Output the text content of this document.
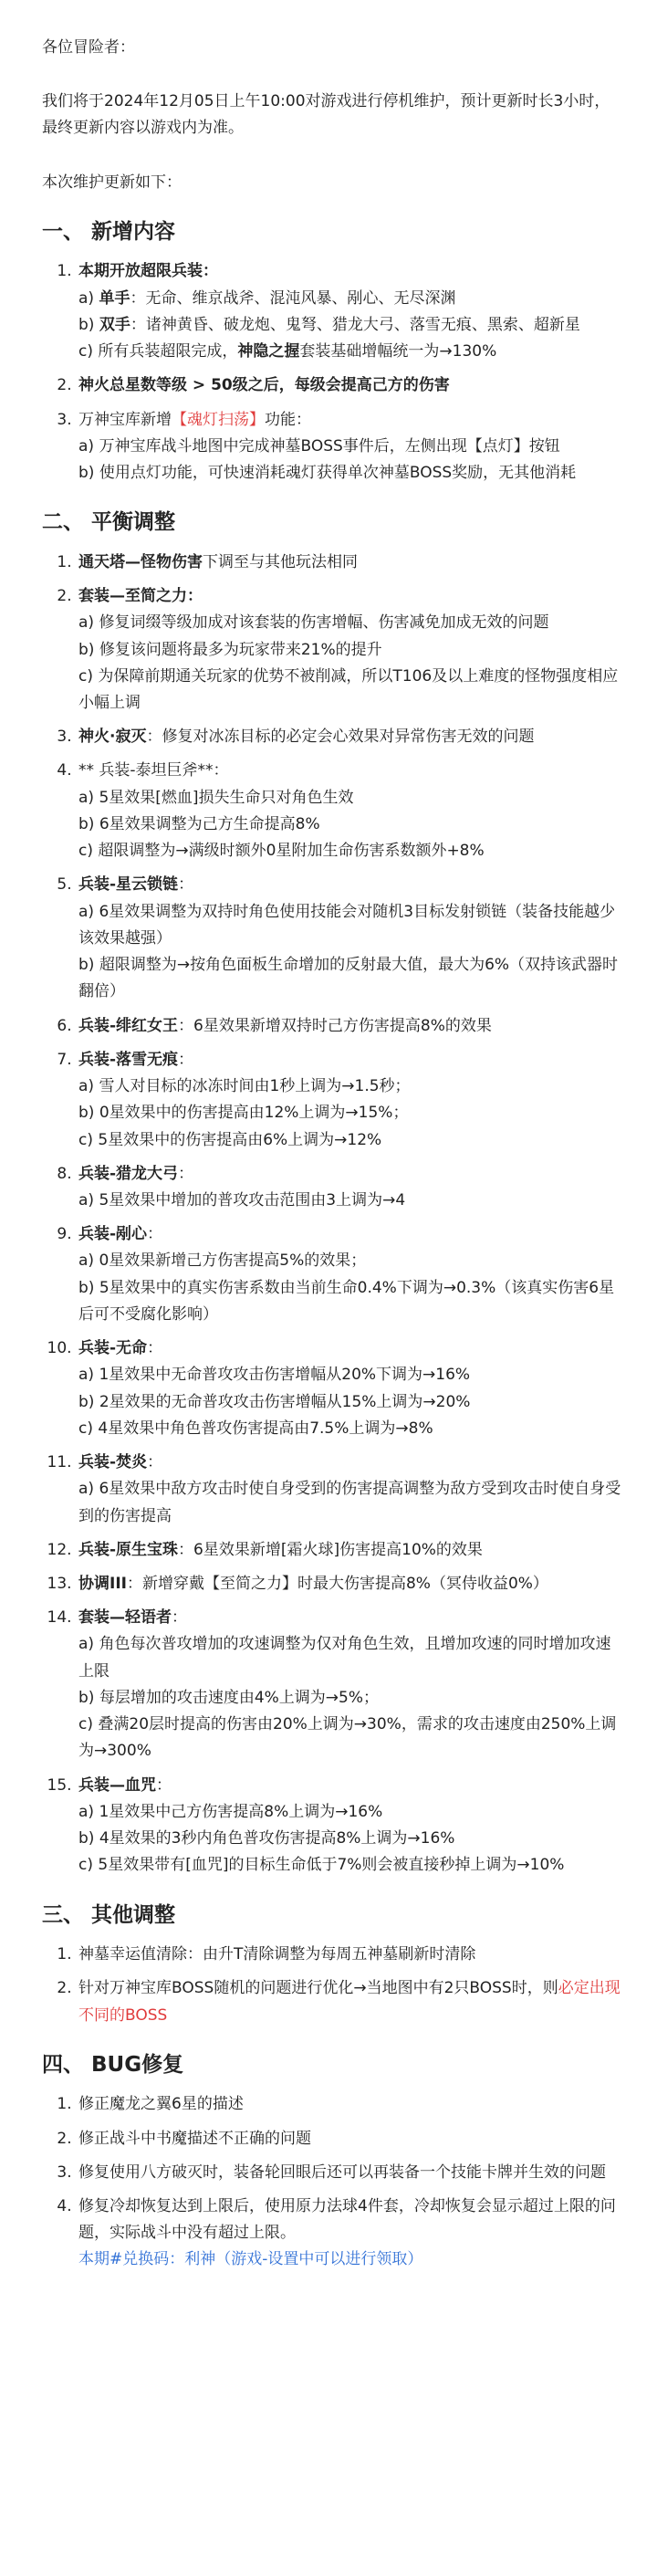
各位冒险者：

我们将于2024年12月05日上午10:00对游戏进行停机维护，预计更新时长3小时，最终更新内容以游戏内为准。

本次维护更新如下：

一、 新增内容
1. 本期开放超限兵装：
a) 单手：无命、维京战斧、混沌风暴、剐心、无尽深渊
b) 双手：诸神黄昏、破龙炮、鬼弩、猎龙大弓、落雪无痕、黑索、超新星
c) 所有兵装超限完成，神隐之握套装基础增幅统一为→130%
2. 神火总星数等级 > 50级之后，每级会提高己方的伤害
3. 万神宝库新增【魂灯扫荡】功能：
a) 万神宝库战斗地图中完成神墓BOSS事件后，左侧出现【点灯】按钮
b) 使用点灯功能，可快速消耗魂灯获得单次神墓BOSS奖励，无其他消耗
二、 平衡调整
1. 通天塔—怪物伤害下调至与其他玩法相同
2. 套装—至简之力：
a) 修复词缀等级加成对该套装的伤害增幅、伤害减免加成无效的问题
b) 修复该问题将最多为玩家带来21%的提升
c) 为保障前期通关玩家的优势不被削减，所以T106及以上难度的怪物强度相应小幅上调
3. 神火·寂灭：修复对冰冻目标的必定会心效果对异常伤害无效的问题
4. ** 兵装-泰坦巨斧**：
a) 5星效果[燃血]损失生命只对角色生效
b) 6星效果调整为己方生命提高8%
c) 超限调整为→满级时额外0星附加生命伤害系数额外+8%
5. 兵装-星云锁链：
a) 6星效果调整为双持时角色使用技能会对随机3目标发射锁链（装备技能越少该效果越强）
b) 超限调整为→按角色面板生命增加的反射最大值，最大为6%（双持该武器时翻倍）
6. 兵装-绯红女王：6星效果新增双持时己方伤害提高8%的效果
7. 兵装-落雪无痕：
a) 雪人对目标的冰冻时间由1秒上调为→1.5秒；
b) 0星效果中的伤害提高由12%上调为→15%；
c) 5星效果中的伤害提高由6%上调为→12%
8. 兵装-猎龙大弓：
a) 5星效果中增加的普攻攻击范围由3上调为→4
9. 兵装-剐心：
a) 0星效果新增己方伤害提高5%的效果；
b) 5星效果中的真实伤害系数由当前生命0.4%下调为→0.3%（该真实伤害6星后可不受腐化影响）
10. 兵装-无命：
a) 1星效果中无命普攻攻击伤害增幅从20%下调为→16%
b) 2星效果的无命普攻攻击伤害增幅从15%上调为→20%
c) 4星效果中角色普攻伤害提高由7.5%上调为→8%
11. 兵装-焚炎：
a) 6星效果中敌方攻击时使自身受到的伤害提高调整为敌方受到攻击时使自身受到的伤害提高
12. 兵装-原生宝珠：6星效果新增[霜火球]伤害提高10%的效果
13. 协调III：新增穿戴【至简之力】时最大伤害提高8%（冥侍收益0%）
14. 套装—轻语者：
a) 角色每次普攻增加的攻速调整为仅对角色生效，且增加攻速的同时增加攻速上限
b) 每层增加的攻击速度由4%上调为→5%；
c) 叠满20层时提高的伤害由20%上调为→30%，需求的攻击速度由250%上调为→300%
15. 兵装—血咒：
a) 1星效果中己方伤害提高8%上调为→16%
b) 4星效果的3秒内角色普攻伤害提高8%上调为→16%
c) 5星效果带有[血咒]的目标生命低于7%则会被直接秒掉上调为→10%
三、 其他调整
1. 神墓幸运值清除：由升T清除调整为每周五神墓刷新时清除
2. 针对万神宝库BOSS随机的问题进行优化→当地图中有2只BOSS时，则必定出现不同的BOSS
四、 BUG修复
1. 修正魔龙之翼6星的描述
2. 修正战斗中书魔描述不正确的问题
3. 修复使用八方破灭时，装备轮回眼后还可以再装备一个技能卡牌并生效的问题
4. 修复冷却恢复达到上限后，使用原力法球4件套，冷却恢复会显示超过上限的问题，实际战斗中没有超过上限。
本期#兑换码：利神（游戏-设置中可以进行领取）
